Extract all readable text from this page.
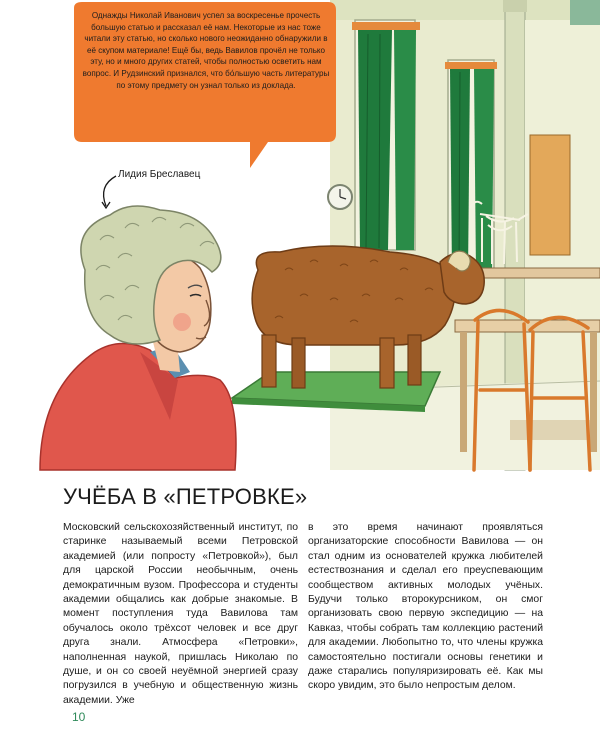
Однажды Николай Иванович успел за воскресенье прочесть большую статью и рассказал её нам. Некоторые из нас тоже читали эту статью, но сколько нового неожиданно обнаружили в её скупом материале! Ещё бы, ведь Вавилов прочёл не только эту, но и много других статей, чтобы полностью осветить нам вопрос. И Рудзинский признался, что бо́льшую часть литературы по этому предмету он узнал только из доклада.
Лидия Бреславец
УЧЁБА В «ПЕТРОВКЕ»

Московский сельскохозяйственный институт, по старинке называемый всеми Петровской академией (или попросту «Петровкой»), был для царской России необычным, очень демократичным вузом. Профессора и студенты академии общались как добрые знакомые. В момент поступления туда Вавилова там обучалось около трёхсот человек и все друг друга знали. Атмосфера «Петровки», наполненная наукой, пришлась Николаю по душе, и он со своей неуёмной энергией сразу погрузился в учебную и общественную жизнь академии. Уже

в это время начинают проявляться организаторские способности Вавилова — он стал одним из основателей кружка любителей естествознания и сделал его преуспевающим сообществом активных молодых учёных. Будучи только второкурсником, он смог организовать свою первую экспедицию — на Кавказ, чтобы собрать там коллекцию растений для академии. Любопытно то, что члены кружка самостоятельно постигали основы генетики и даже старались популяризировать её. Как мы скоро увидим, это было непростым делом.

10
